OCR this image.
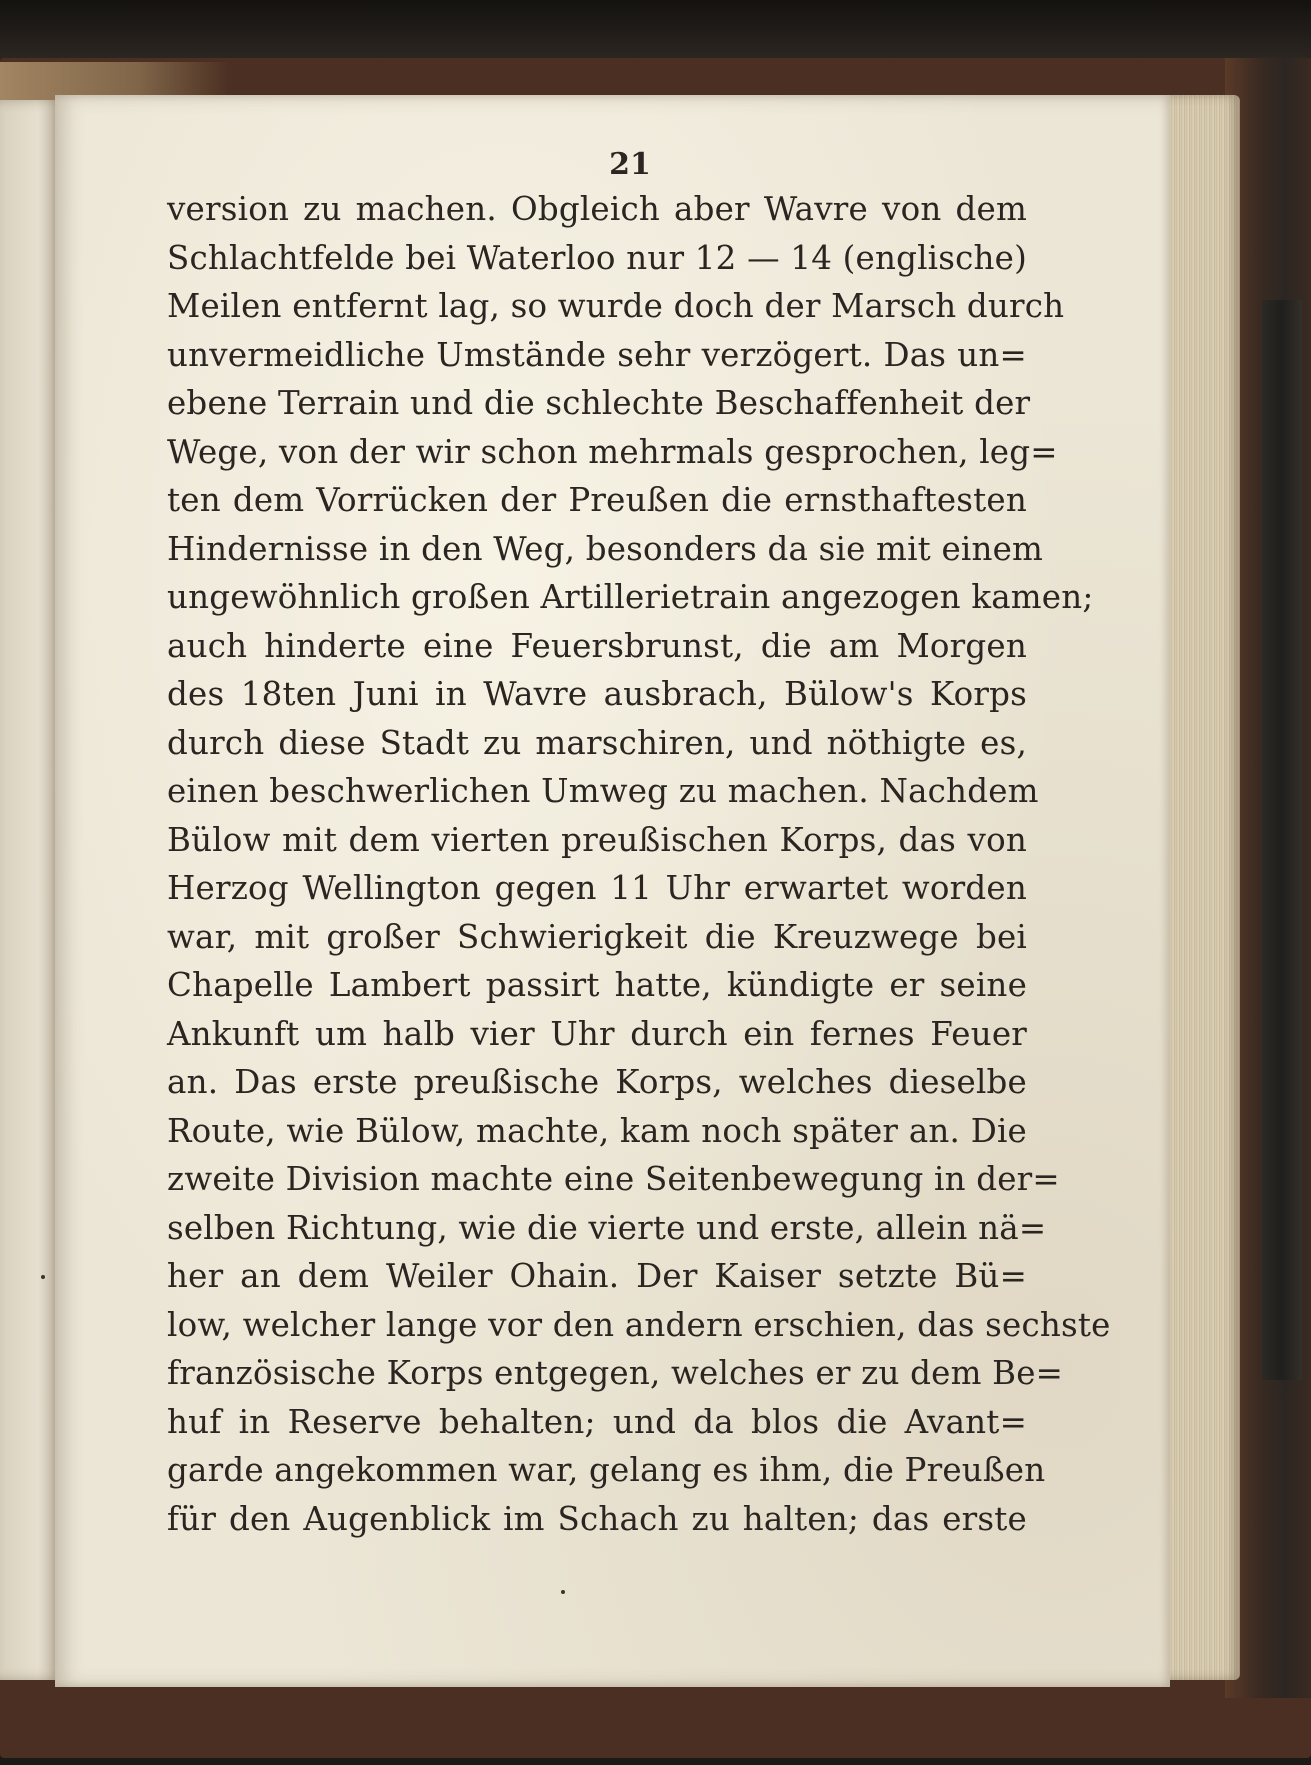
21
version zu machen. Obgleich aber Wavre von dem
Schlachtfelde bei Waterloo nur 12 — 14 (englische)
Meilen entfernt lag, so wurde doch der Marsch durch
unvermeidliche Umstände sehr verzögert. Das un=
ebene Terrain und die schlechte Beschaffenheit der
Wege, von der wir schon mehrmals gesprochen, leg=
ten dem Vorrücken der Preußen die ernsthaftesten
Hindernisse in den Weg, besonders da sie mit einem
ungewöhnlich großen Artillerietrain angezogen kamen;
auch hinderte eine Feuersbrunst, die am Morgen
des 18ten Juni in Wavre ausbrach, Bülow's Korps
durch diese Stadt zu marschiren, und nöthigte es,
einen beschwerlichen Umweg zu machen. Nachdem
Bülow mit dem vierten preußischen Korps, das von
Herzog Wellington gegen 11 Uhr erwartet worden
war, mit großer Schwierigkeit die Kreuzwege bei
Chapelle Lambert passirt hatte, kündigte er seine
Ankunft um halb vier Uhr durch ein fernes Feuer
an. Das erste preußische Korps, welches dieselbe
Route, wie Bülow, machte, kam noch später an. Die
zweite Division machte eine Seitenbewegung in der=
selben Richtung, wie die vierte und erste, allein nä=
her an dem Weiler Ohain. Der Kaiser setzte Bü=
low, welcher lange vor den andern erschien, das sechste
französische Korps entgegen, welches er zu dem Be=
huf in Reserve behalten; und da blos die Avant=
garde angekommen war, gelang es ihm, die Preußen
für den Augenblick im Schach zu halten; das erste
